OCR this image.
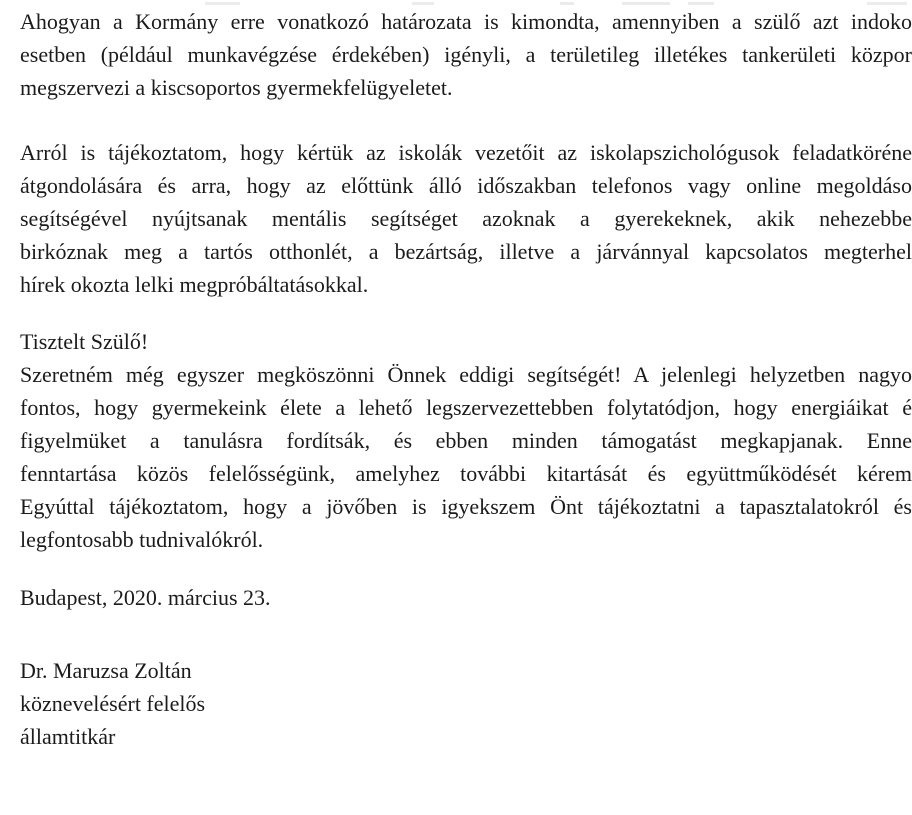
Ahogyan a Kormány erre vonatkozó határozata is kimondta, amennyiben a szülő azt indoko
esetben (például munkavégzése érdekében) igényli, a területileg illetékes tankerületi közpor
megszervezi a kiscsoportos gyermekfelügyeletet.
Arról is tájékoztatom, hogy kértük az iskolák vezetőit az iskolapszichológusok feladatköréne
átgondolására és arra, hogy az előttünk álló időszakban telefonos vagy online megoldáso
segítségével nyújtsanak mentális segítséget azoknak a gyerekeknek, akik nehezebbe
birkóznak meg a tartós otthonlét, a bezártság, illetve a járvánnyal kapcsolatos megterhel
hírek okozta lelki megpróbáltatásokkal.
Tisztelt Szülő!
Szeretném még egyszer megköszönni Önnek eddigi segítségét! A jelenlegi helyzetben nagyo
fontos, hogy gyermekeink élete a lehető legszervezettebben folytatódjon, hogy energiáikat é
figyelmüket a tanulásra fordítsák, és ebben minden támogatást megkapjanak. Enne
fenntartása közös felelősségünk, amelyhez további kitartását és együttműködését kérem
Egyúttal tájékoztatom, hogy a jövőben is igyekszem Önt tájékoztatni a tapasztalatokról és
legfontosabb tudnivalókról.
Budapest, 2020. március 23.
Dr. Maruzsa Zoltán
köznevelésért felelős
államtitkár
